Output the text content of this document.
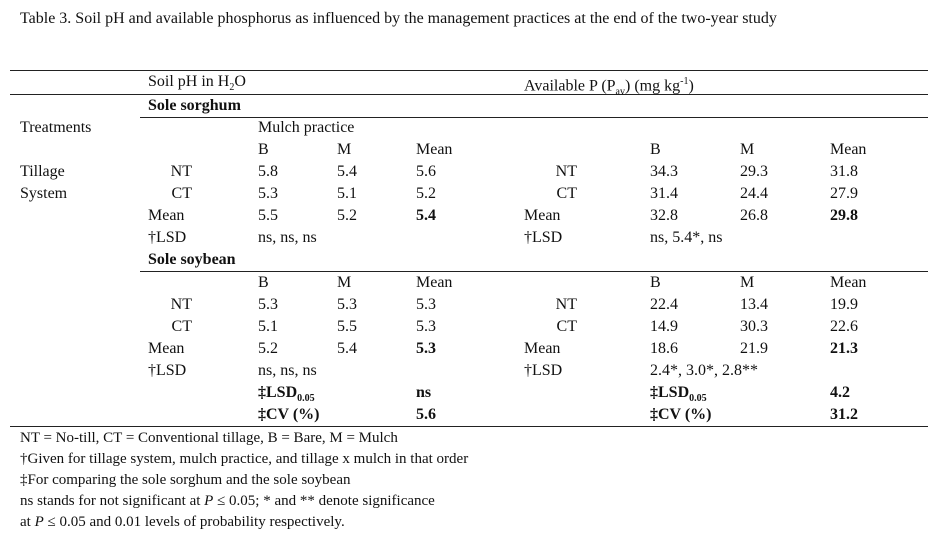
Table 3. Soil pH and available phosphorus as influenced by the management practices at the end of the two-year study
Soil pH in $H_2O$	Available P $(P_{av})$ (mg $kg^{-1}$)
Sole sorghum
Treatments	Mulch practice
B	M	Mean	B	M	Mean
Tillage
System
NT	5.8	5.4	5.6	NT	34.3	29.3	31.8
CT	5.3	5.1	5.2	CT	31.4	24.4	27.9
Mean	5.5	5.2	5.4	Mean	32.8	26.8	29.8
†LSD	ns, ns, ns	†LSD	ns, 5.4*, ns
Sole soybean
B	M	Mean	B	M	Mean
NT	5.3	5.3	5.3	NT	22.4	13.4	19.9
CT	5.1	5.5	5.3	CT	14.9	30.3	22.6
Mean	5.2	5.4	5.3	Mean	18.6	21.9	21.3
†LSD	ns, ns, ns	†LSD	2.4*, 3.0*, 2.8**
$\ddagger LSD_{0.05}$	ns	$\ddagger LSD_{0.05}$	4.2
‡CV (%)	5.6	‡CV (%)	31.2
NT = No-till, CT = Conventional tillage, B = Bare, M = Mulch
†Given for tillage system, mulch practice, and tillage x mulch in that order
‡For comparing the sole sorghum and the sole soybean
ns stands for not significant at P ≤ 0.05; * and ** denote significance
at P ≤ 0.05 and 0.01 levels of probability respectively.
